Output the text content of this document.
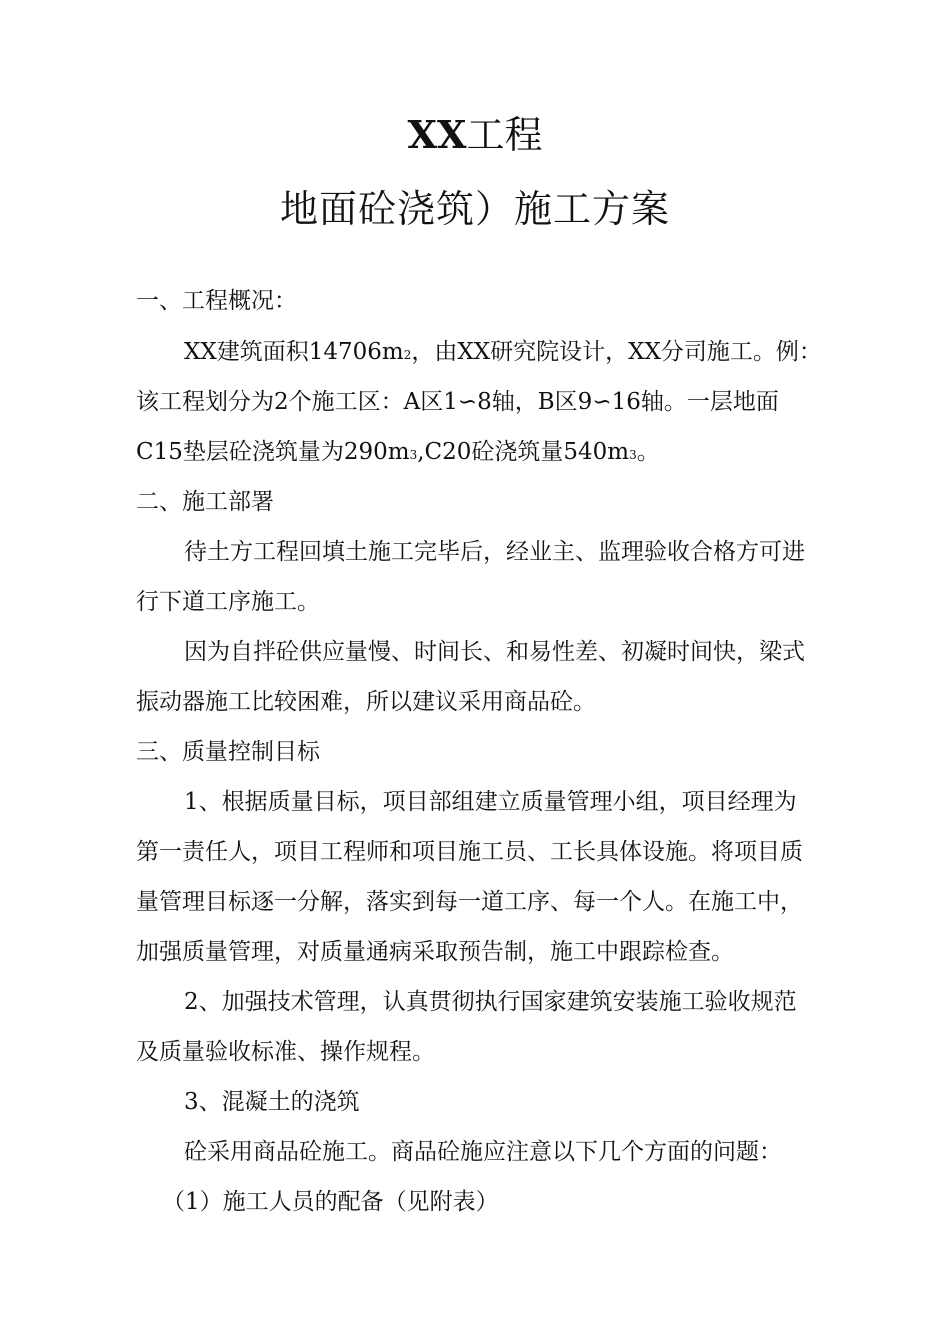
XX工程
地面砼浇筑）施工方案
一、工程概况：
XX建筑面积14706m2，由XX研究院设计，XX分司施工。例：
该工程划分为2个施工区：A区1∽8轴，B区9∽16轴。一层地面
C15垫层砼浇筑量为290m3,C20砼浇筑量540m3。
二、施工部署
待土方工程回填土施工完毕后，经业主、监理验收合格方可进
行下道工序施工。
因为自拌砼供应量慢、时间长、和易性差、初凝时间快，梁式
振动器施工比较困难，所以建议采用商品砼。
三、质量控制目标
1、根据质量目标，项目部组建立质量管理小组，项目经理为
第一责任人，项目工程师和项目施工员、工长具体设施。将项目质
量管理目标逐一分解，落实到每一道工序、每一个人。在施工中，
加强质量管理，对质量通病采取预告制，施工中跟踪检查。
2、加强技术管理，认真贯彻执行国家建筑安装施工验收规范
及质量验收标准、操作规程。
3、混凝土的浇筑
砼采用商品砼施工。商品砼施应注意以下几个方面的问题：
（1）施工人员的配备（见附表）
